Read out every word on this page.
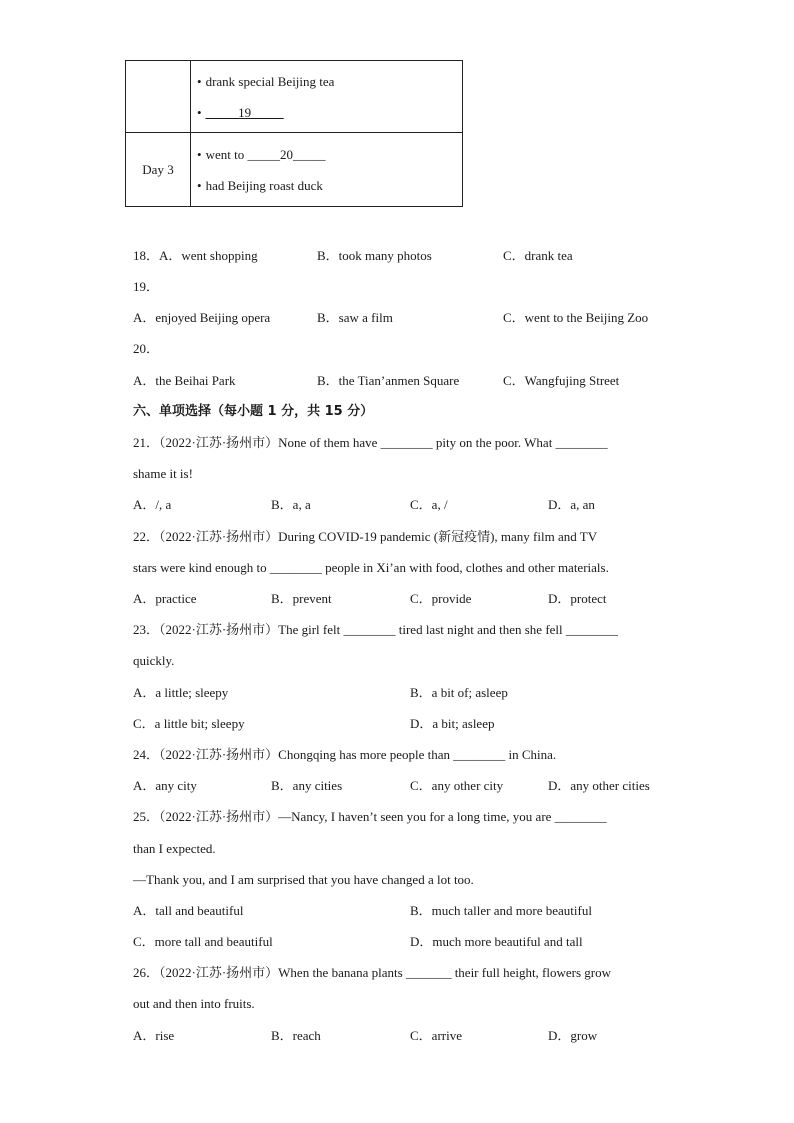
	• drank special Beijing tea
• _____19_____

Day 3	• went to _____20_____
• had Beijing roast duck
18．A．went shopping	B．took many photos	C．drank tea
19．
A．enjoyed Beijing opera	B．saw a film	C．went to the Beijing Zoo
20．
A．the Beihai Park	B．the Tian’anmen Square	C．Wangfujing Street
六、单项选择（每小题 1 分，共 15 分）
21．（2022·江苏·扬州市）None of them have ________ pity on the poor. What ________
shame it is!
A．/, a	B．a, a	C．a, /	D．a, an
22．（2022·江苏·扬州市）During COVID-19 pandemic (新冠疫情), many film and TV
stars were kind enough to ________ people in Xi’an with food, clothes and other materials.
A．practice	B．prevent	C．provide	D．protect
23．（2022·江苏·扬州市）The girl felt ________ tired last night and then she fell ________
quickly.
A．a little; sleepy	B．a bit of; asleep
C．a little bit; sleepy	D．a bit; asleep
24．（2022·江苏·扬州市）Chongqing has more people than ________ in China.
A．any city	B．any cities	C．any other city	D．any other cities
25．（2022·江苏·扬州市）—Nancy, I haven’t seen you for a long time, you are ________
than I expected.
—Thank you, and I am surprised that you have changed a lot too.
A．tall and beautiful	B．much taller and more beautiful
C．more tall and beautiful	D．much more beautiful and tall
26．（2022·江苏·扬州市）When the banana plants _______ their full height, flowers grow
out and then into fruits.
A．rise	B．reach	C．arrive	D．grow
